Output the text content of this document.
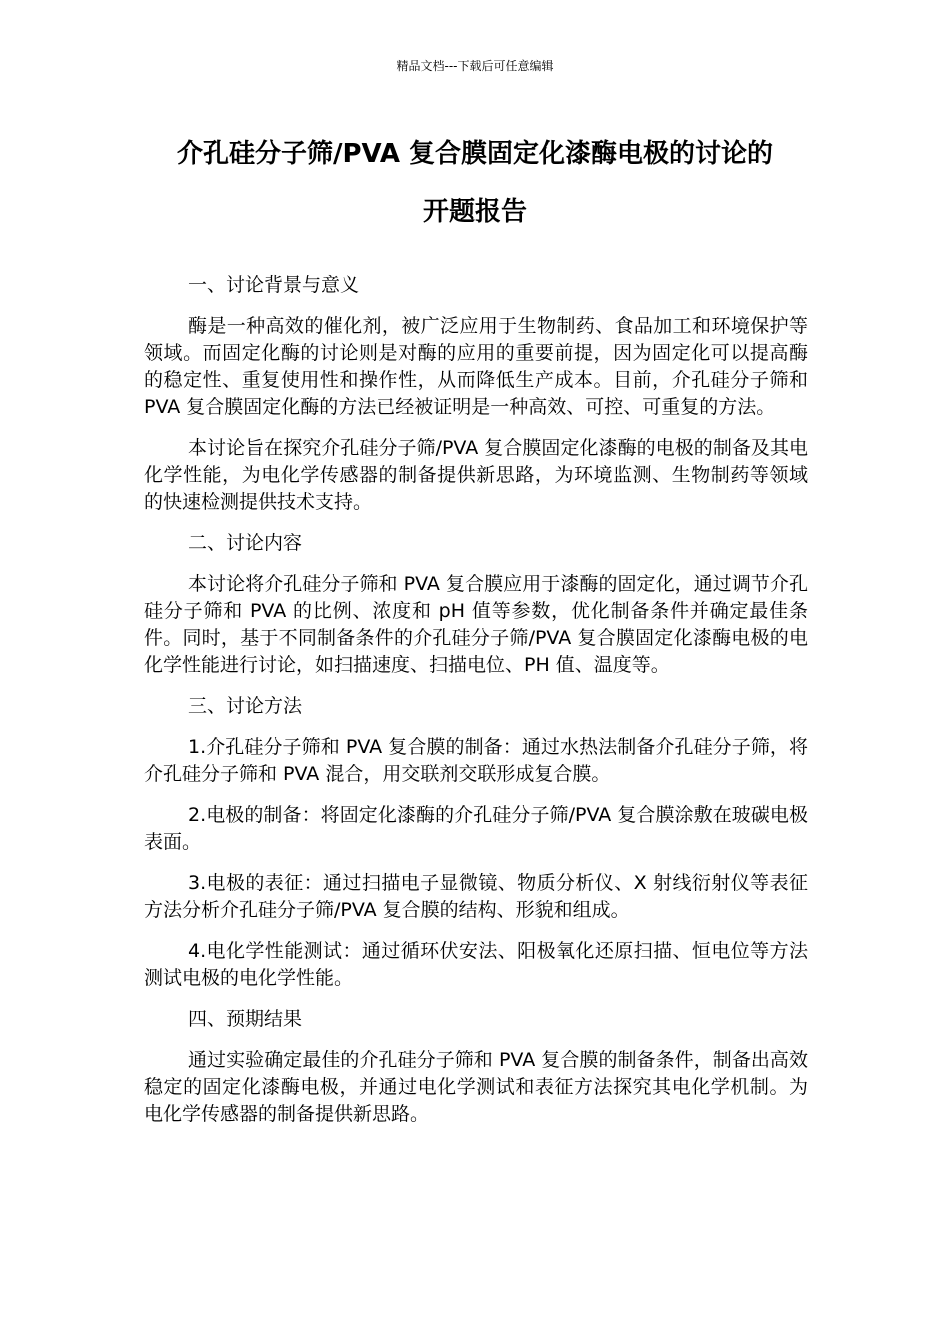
精品文档---下载后可任意编辑
介孔硅分子筛/PVA 复合膜固定化漆酶电极的讨论的
开题报告

一、讨论背景与意义

酶是一种高效的催化剂，被广泛应用于生物制药、食品加工和环境保护等领域。而固定化酶的讨论则是对酶的应用的重要前提，因为固定化可以提高酶的稳定性、重复使用性和操作性，从而降低生产成本。目前，介孔硅分子筛和 PVA 复合膜固定化酶的方法已经被证明是一种高效、可控、可重复的方法。

本讨论旨在探究介孔硅分子筛/PVA 复合膜固定化漆酶的电极的制备及其电化学性能，为电化学传感器的制备提供新思路，为环境监测、生物制药等领域的快速检测提供技术支持。

二、讨论内容

本讨论将介孔硅分子筛和 PVA 复合膜应用于漆酶的固定化，通过调节介孔硅分子筛和 PVA 的比例、浓度和 pH 值等参数，优化制备条件并确定最佳条件。同时，基于不同制备条件的介孔硅分子筛/PVA 复合膜固定化漆酶电极的电化学性能进行讨论，如扫描速度、扫描电位、PH 值、温度等。

三、讨论方法

1.介孔硅分子筛和 PVA 复合膜的制备：通过水热法制备介孔硅分子筛，将介孔硅分子筛和 PVA 混合，用交联剂交联形成复合膜。

2.电极的制备：将固定化漆酶的介孔硅分子筛/PVA 复合膜涂敷在玻碳电极表面。

3.电极的表征：通过扫描电子显微镜、物质分析仪、X 射线衍射仪等表征方法分析介孔硅分子筛/PVA 复合膜的结构、形貌和组成。

4.电化学性能测试：通过循环伏安法、阳极氧化还原扫描、恒电位等方法测试电极的电化学性能。

四、预期结果

通过实验确定最佳的介孔硅分子筛和 PVA 复合膜的制备条件，制备出高效稳定的固定化漆酶电极，并通过电化学测试和表征方法探究其电化学机制。为电化学传感器的制备提供新思路。
